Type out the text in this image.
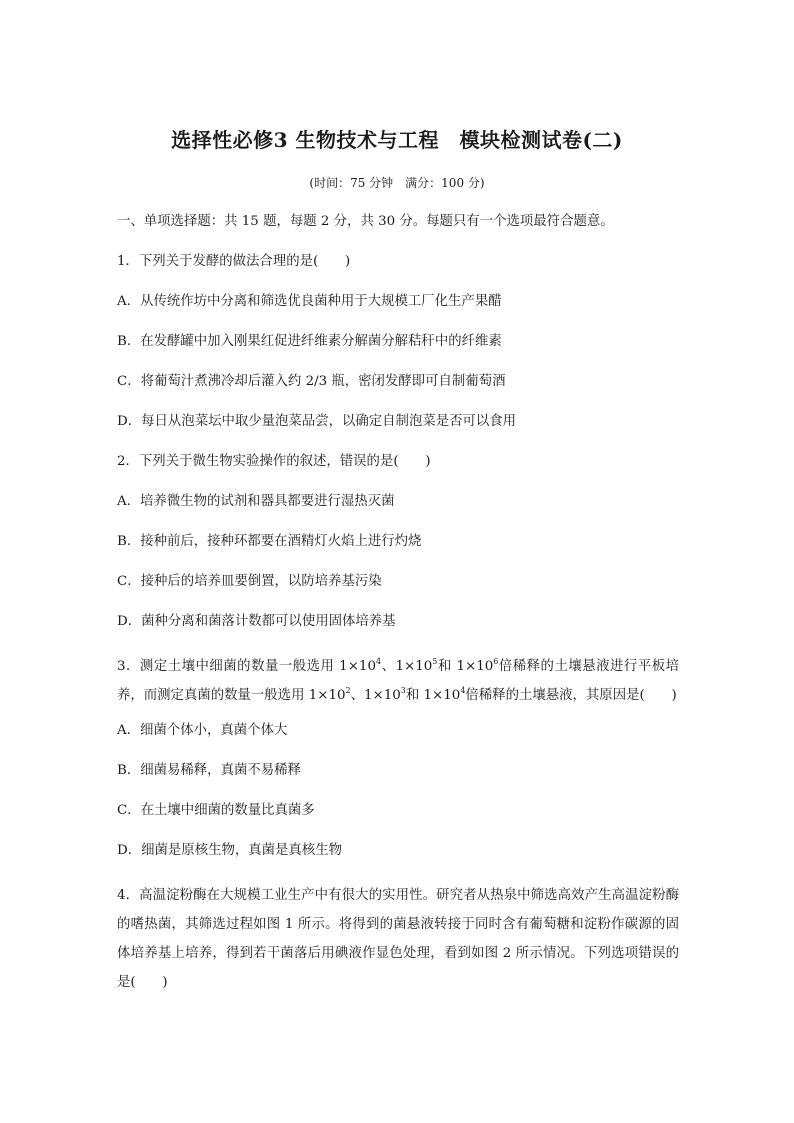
选择性必修3 生物技术与工程　模块检测试卷(二)
(时间：75 分钟　满分：100 分)

一、单项选择题：共 15 题，每题 2 分，共 30 分。每题只有一个选项最符合题意。

1．下列关于发酵的做法合理的是(　　)

A．从传统作坊中分离和筛选优良菌种用于大规模工厂化生产果醋

B．在发酵罐中加入刚果红促进纤维素分解菌分解秸秆中的纤维素

C．将葡萄汁煮沸冷却后灌入约 2/3 瓶，密闭发酵即可自制葡萄酒

D．每日从泡菜坛中取少量泡菜品尝，以确定自制泡菜是否可以食用

2．下列关于微生物实验操作的叙述，错误的是(　　)

A．培养微生物的试剂和器具都要进行湿热灭菌

B．接种前后，接种环都要在酒精灯火焰上进行灼烧

C．接种后的培养皿要倒置，以防培养基污染

D．菌种分离和菌落计数都可以使用固体培养基

3．测定土壤中细菌的数量一般选用 $1\times 10^4$、$1\times 10^5$和 $1\times 10^6$倍稀释的土壤悬液进行平板培养，而测定真菌的数量一般选用 $1\times 10^2$、$1\times 10^3$和 $1\times 10^4$倍稀释的土壤悬液，其原因是(　　)

A．细菌个体小，真菌个体大

B．细菌易稀释，真菌不易稀释

C．在土壤中细菌的数量比真菌多

D．细菌是原核生物，真菌是真核生物

4．高温淀粉酶在大规模工业生产中有很大的实用性。研究者从热泉中筛选高效产生高温淀粉酶的嗜热菌，其筛选过程如图 1 所示。将得到的菌悬液转接于同时含有葡萄糖和淀粉作碳源的固体培养基上培养，得到若干菌落后用碘液作显色处理，看到如图 2 所示情况。下列选项错误的是(　　)
